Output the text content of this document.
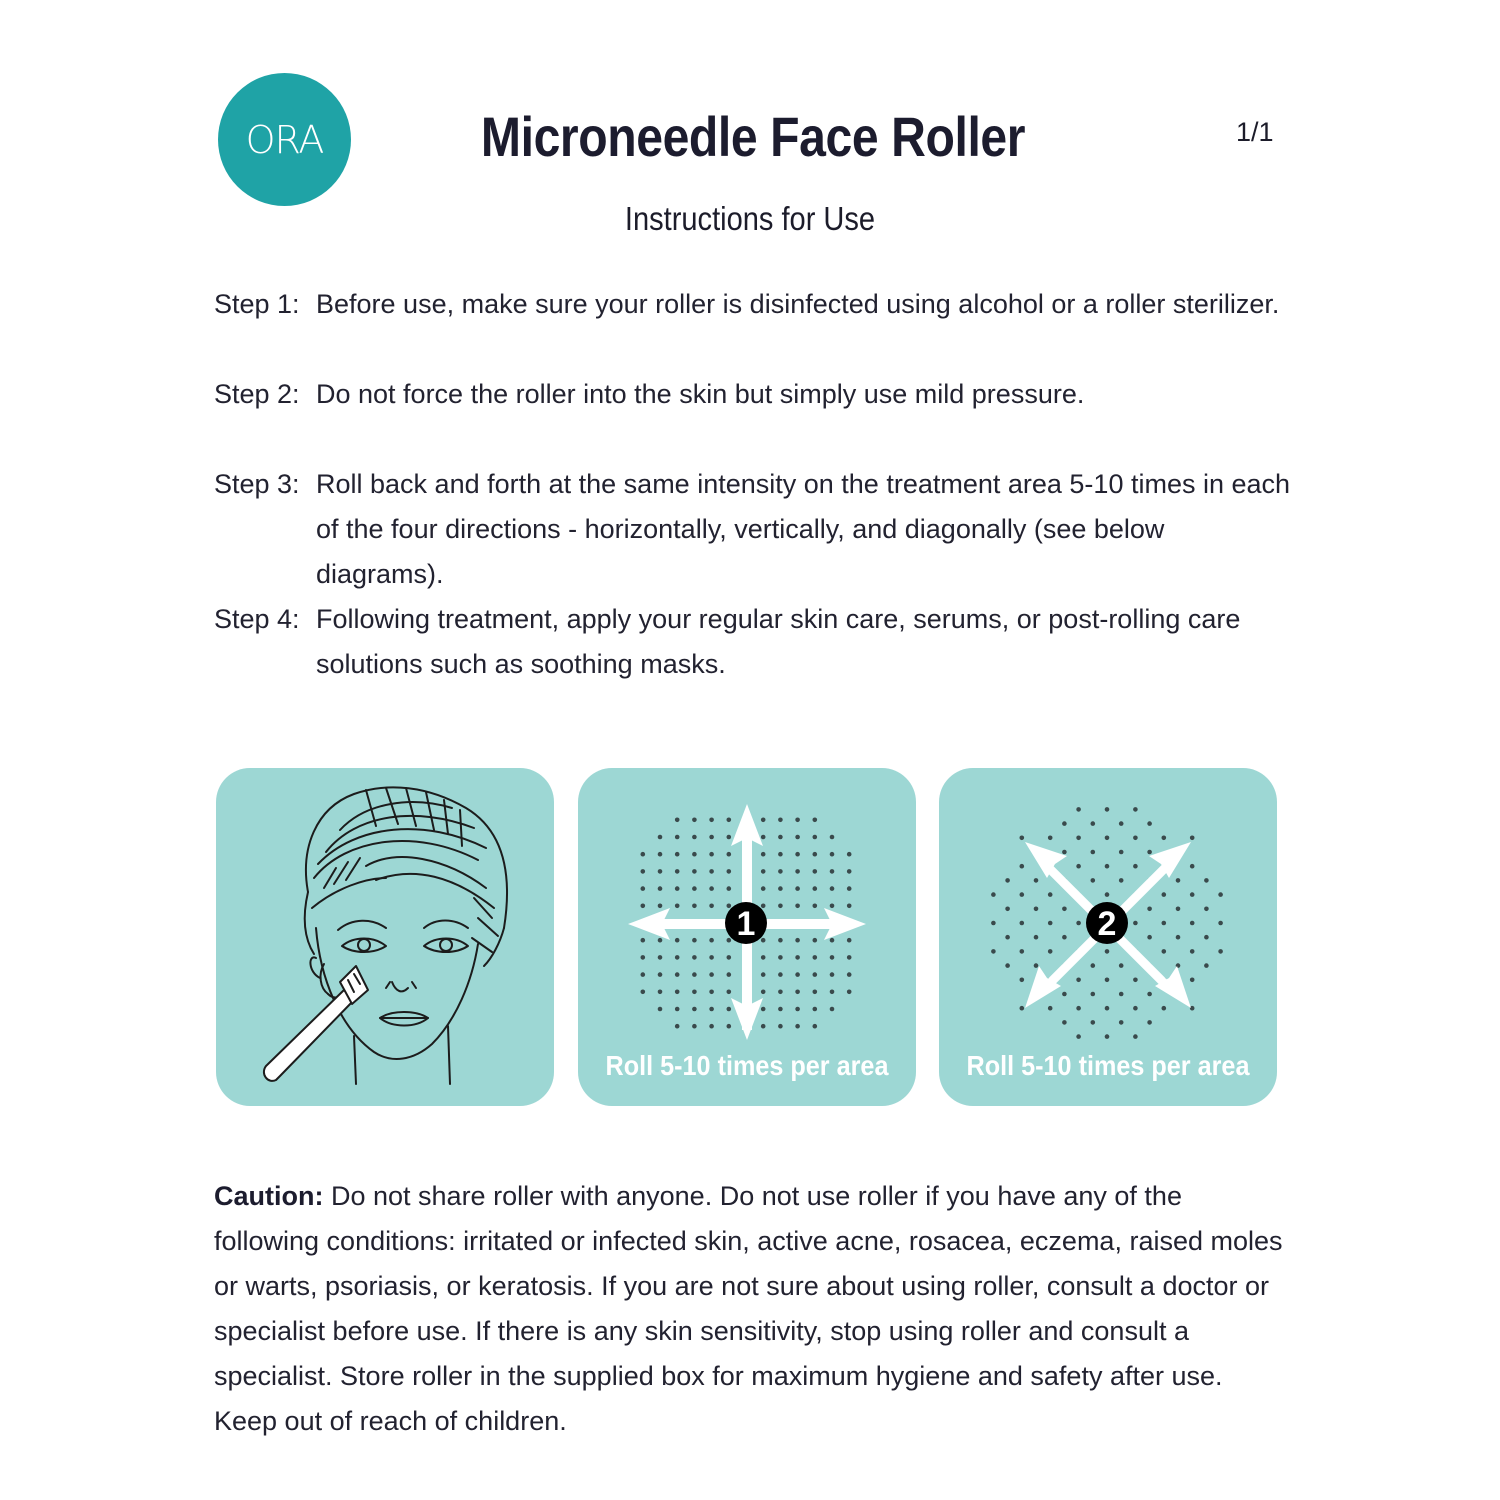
ORA	Microneedle Face Roller	1/1
Instructions for Use
Step 1: Before use, make sure your roller is disinfected using alcohol or a roller sterilizer.
Step 2: Do not force the roller into the skin but simply use mild pressure.
Step 3: Roll back and forth at the same intensity on the treatment area 5-10 times in each of the four directions - horizontally, vertically, and diagonally (see below diagrams).
Step 4: Following treatment, apply your regular skin care, serums, or post-rolling care solutions such as soothing masks.
1
Roll 5-10 times per area
2
Roll 5-10 times per area
Caution: Do not share roller with anyone. Do not use roller if you have any of the following conditions: irritated or infected skin, active acne, rosacea, eczema, raised moles or warts, psoriasis, or keratosis. If you are not sure about using roller, consult a doctor or specialist before use. If there is any skin sensitivity, stop using roller and consult a specialist. Store roller in the supplied box for maximum hygiene and safety after use. Keep out of reach of children.
